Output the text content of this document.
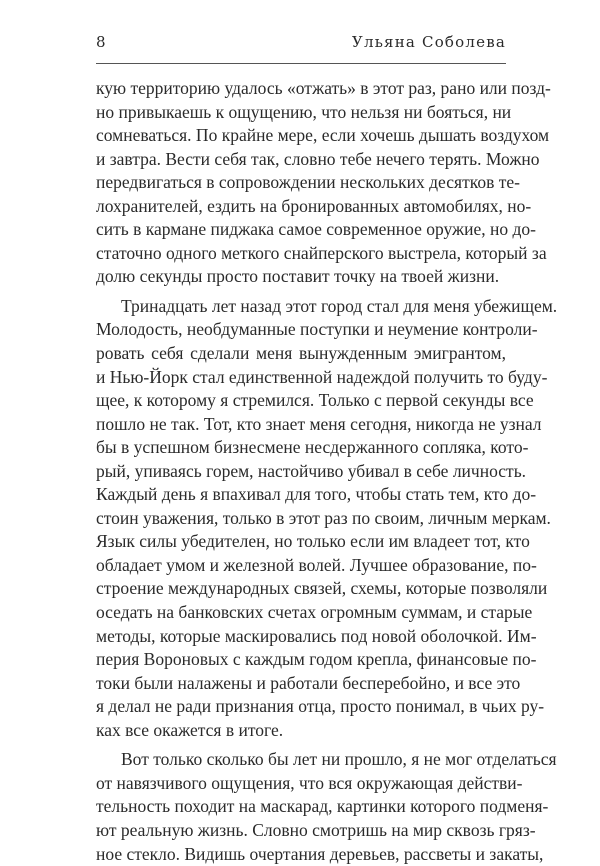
8	Ульяна Соболева
кую территорию удалось «отжать» в этот раз, рано или позд-
но привыкаешь к ощущению, что нельзя ни бояться, ни
сомневаться. По крайне мере, если хочешь дышать воздухом
и завтра. Вести себя так, словно тебе нечего терять. Можно
передвигаться в сопровождении нескольких десятков те-
лохранителей, ездить на бронированных автомобилях, но-
сить в кармане пиджака самое современное оружие, но до-
статочно одного меткого снайперского выстрела, который за
долю секунды просто поставит точку на твоей жизни.
Тринадцать лет назад этот город стал для меня убежищем.
Молодость, необдуманные поступки и неумение контроли-
ровать себя сделали меня вынужденным эмигрантом,
и Нью-Йорк стал единственной надеждой получить то буду-
щее, к которому я стремился. Только с первой секунды все
пошло не так. Тот, кто знает меня сегодня, никогда не узнал
бы в успешном бизнесмене несдержанного сопляка, кото-
рый, упиваясь горем, настойчиво убивал в себе личность.
Каждый день я впахивал для того, чтобы стать тем, кто до-
стоин уважения, только в этот раз по своим, личным меркам.
Язык силы убедителен, но только если им владеет тот, кто
обладает умом и железной волей. Лучшее образование, по-
строение международных связей, схемы, которые позволяли
оседать на банковских счетах огромным суммам, и старые
методы, которые маскировались под новой оболочкой. Им-
перия Вороновых с каждым годом крепла, финансовые по-
токи были налажены и работали бесперебойно, и все это
я делал не ради признания отца, просто понимал, в чьих ру-
ках все окажется в итоге.
Вот только сколько бы лет ни прошло, я не мог отделаться
от навязчивого ощущения, что вся окружающая действи-
тельность походит на маскарад, картинки которого подменя-
ют реальную жизнь. Словно смотришь на мир сквозь гряз-
ное стекло. Видишь очертания деревьев, рассветы и закаты,
